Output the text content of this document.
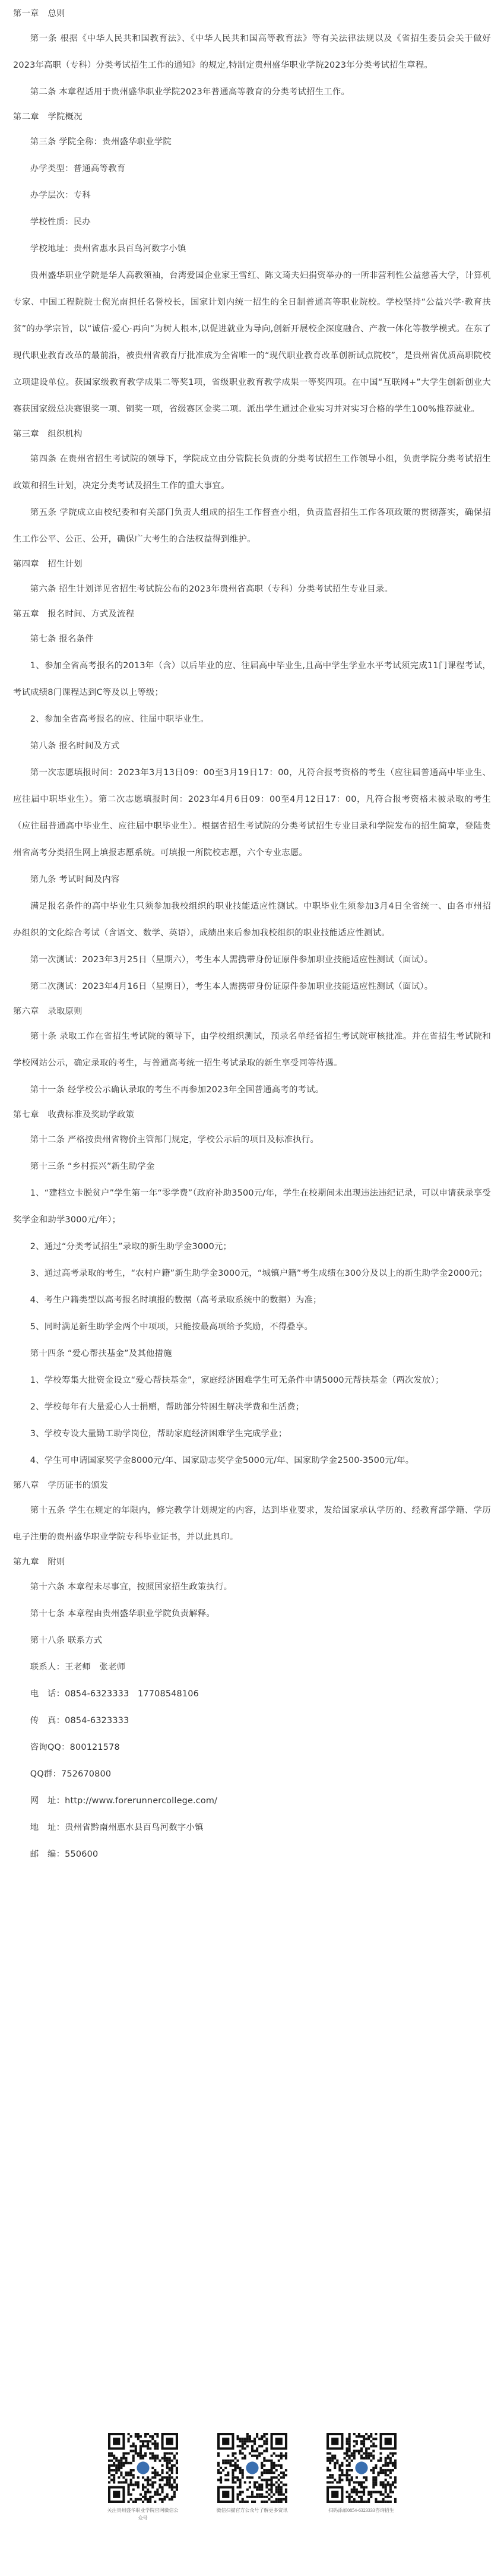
第一章　总则

第一条 根据《中华人民共和国教育法》、《中华人民共和国高等教育法》等有关法律法规以及《省招生委员会关于做好2023年高职（专科）分类考试招生工作的通知》的规定,特制定贵州盛华职业学院2023年分类考试招生章程。

第二条 本章程适用于贵州盛华职业学院2023年普通高等教育的分类考试招生工作。

第二章　学院概况

第三条 学院全称：贵州盛华职业学院

办学类型：普通高等教育

办学层次：专科

学校性质：民办

学校地址：贵州省惠水县百鸟河数字小镇

贵州盛华职业学院是华人高教领袖，台湾爱国企业家王雪红、陈文琦夫妇捐资举办的一所非营利性公益慈善大学，计算机专家、中国工程院院士倪光南担任名誉校长，国家计划内统一招生的全日制普通高等职业院校。学校坚持“公益兴学·教育扶贫”的办学宗旨，以“诚信·爱心·再向”为树人根本,以促进就业为导向,创新开展校企深度融合、产教一体化等教学模式。在东了现代职业教育改革的最前沿，被贵州省教育厅批准成为全省唯一的“现代职业教育改革创新试点院校”，是贵州省优质高职院校立项建设单位。获国家级教育教学成果二等奖1项，省级职业教育教学成果一等奖四项。在中国“互联网+”大学生创新创业大赛获国家级总决赛银奖一项、铜奖一项，省级赛区金奖二项。派出学生通过企业实习并对实习合格的学生100%推荐就业。

第三章　组织机构

第四条 在贵州省招生考试院的领导下，学院成立由分管院长负责的分类考试招生工作领导小组，负责学院分类考试招生政策和招生计划，决定分类考试及招生工作的重大事宜。

第五条 学院成立由校纪委和有关部门负责人组成的招生工作督查小组，负责监督招生工作各项政策的贯彻落实，确保招生工作公平、公正、公开，确保广大考生的合法权益得到维护。

第四章　招生计划

第六条 招生计划详见省招生考试院公布的2023年贵州省高职（专科）分类考试招生专业目录。

第五章　报名时间、方式及流程

第七条 报名条件

1、参加全省高考报名的2013年（含）以后毕业的应、往届高中毕业生,且高中学生学业水平考试须完成11门课程考试，考试成绩8门课程达到C等及以上等级；

2、参加全省高考报名的应、往届中职毕业生。

第八条 报名时间及方式

第一次志愿填报时间：2023年3月13日09：00至3月19日17：00，凡符合报考资格的考生（应往届普通高中毕业生、应往届中职毕业生）。第二次志愿填报时间：2023年4月6日09：00至4月12日17：00，凡符合报考资格未被录取的考生（应往届普通高中毕业生、应往届中职毕业生）。根据省招生考试院的分类考试招生专业目录和学院发布的招生简章，登陆贵州省高考分类招生网上填报志愿系统。可填报一所院校志愿，六个专业志愿。

第九条 考试时间及内容

满足报名条件的高中毕业生只须参加我校组织的职业技能适应性测试。中职毕业生须参加3月4日全省统一、由各市州招办组织的文化综合考试（含语文、数学、英语），成绩出来后参加我校组织的职业技能适应性测试。

第一次测试：2023年3月25日（星期六），考生本人需携带身份证原件参加职业技能适应性测试（面试）。

第二次测试：2023年4月16日（星期日），考生本人需携带身份证原件参加职业技能适应性测试（面试）。

第六章　录取原则

第十条 录取工作在省招生考试院的领导下，由学校组织测试，预录名单经省招生考试院审核批准。并在省招生考试院和学校网站公示，确定录取的考生，与普通高考统一招生考试录取的新生享受同等待遇。

第十一条 经学校公示确认录取的考生不再参加2023年全国普通高考的考试。

第七章　收费标准及奖助学政策

第十二条 严格按贵州省物价主管部门规定，学校公示后的项目及标准执行。

第十三条 “乡村振兴”新生助学金

1、“建档立卡脱贫户”学生第一年“零学费”（政府补助3500元/年，学生在校期间未出现违法违纪记录，可以申请获录享受奖学金和助学3000元/年）；

2、通过“分类考试招生”录取的新生助学金3000元；

3、通过高考录取的考生，“农村户籍”新生助学金3000元，“城镇户籍”考生成绩在300分及以上的新生助学金2000元；

4、考生户籍类型以高考报名时填报的数据（高考录取系统中的数据）为准；

5、同时满足新生助学金两个中项项，只能按最高项给予奖励，不得叠享。

第十四条 “爱心帮扶基金”及其他措施

1、学校筹集大批资金设立“爱心帮扶基金”，家庭经济困难学生可无条件申请5000元帮扶基金（两次发放）；

2、学校每年有大量爱心人士捐赠，帮助部分特困生解决学费和生活费；

3、学校专设大量勤工助学岗位，帮助家庭经济困难学生完成学业；

4、学生可申请国家奖学金8000元/年、国家励志奖学金5000元/年、国家助学金2500-3500元/年。

第八章　学历证书的颁发

第十五条 学生在规定的年限内，修完教学计划规定的内容，达到毕业要求，发给国家承认学历的、经教育部学籍、学历电子注册的贵州盛华职业学院专科毕业证书，并以此具印。

第九章　附则

第十六条 本章程未尽事宜，按照国家招生政策执行。

第十七条 本章程由贵州盛华职业学院负责解释。

第十八条 联系方式

联系人：王老师　张老师

电　话：0854-6323333　17708548106

传　真：0854-6323333

咨询QQ：800121578

QQ群：752670800

网　址：http://www.forerunnercollege.com/

地　址：贵州省黔南州惠水县百鸟河数字小镇

邮　编：550600

关注贵州盛华职业学院官网微信公众号
微信扫描官方公众号了解更多资讯	扫码添加0854-6323333咨询招生
